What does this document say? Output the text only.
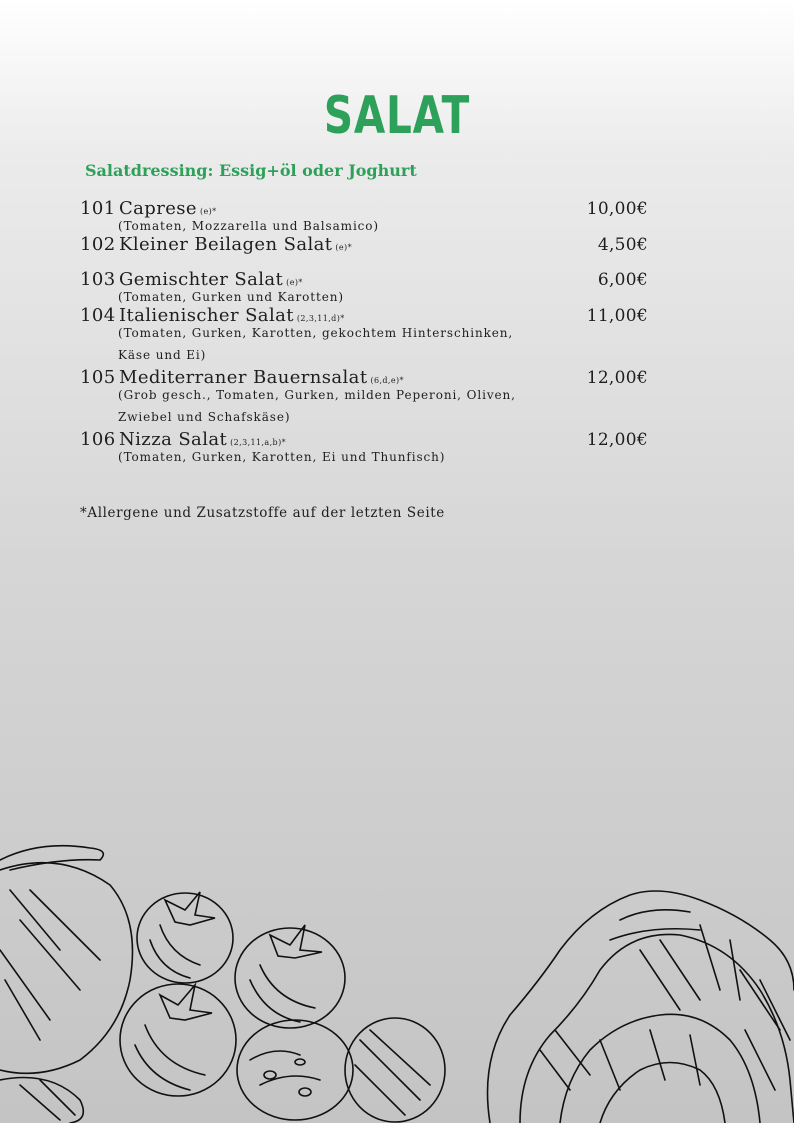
SALAT
Salatdressing: Essig+öl oder Joghurt
101 Caprese (e)*	10,00€
(Tomaten, Mozzarella und Balsamico)
102 Kleiner Beilagen Salat (e)*	4,50€
103 Gemischter Salat (e)*	6,00€
(Tomaten, Gurken und Karotten)
104 Italienischer Salat (2,3,11,d)*	11,00€
(Tomaten, Gurken, Karotten, gekochtem Hinterschinken, Käse und Ei)
105 Mediterraner Bauernsalat (6,d,e)*	12,00€
(Grob gesch., Tomaten, Gurken, milden Peperoni, Oliven, Zwiebel und Schafskäse)
106 Nizza Salat (2,3,11,a,b)*	12,00€
(Tomaten, Gurken, Karotten, Ei und Thunfisch)
*Allergene und Zusatzstoffe auf der letzten Seite
